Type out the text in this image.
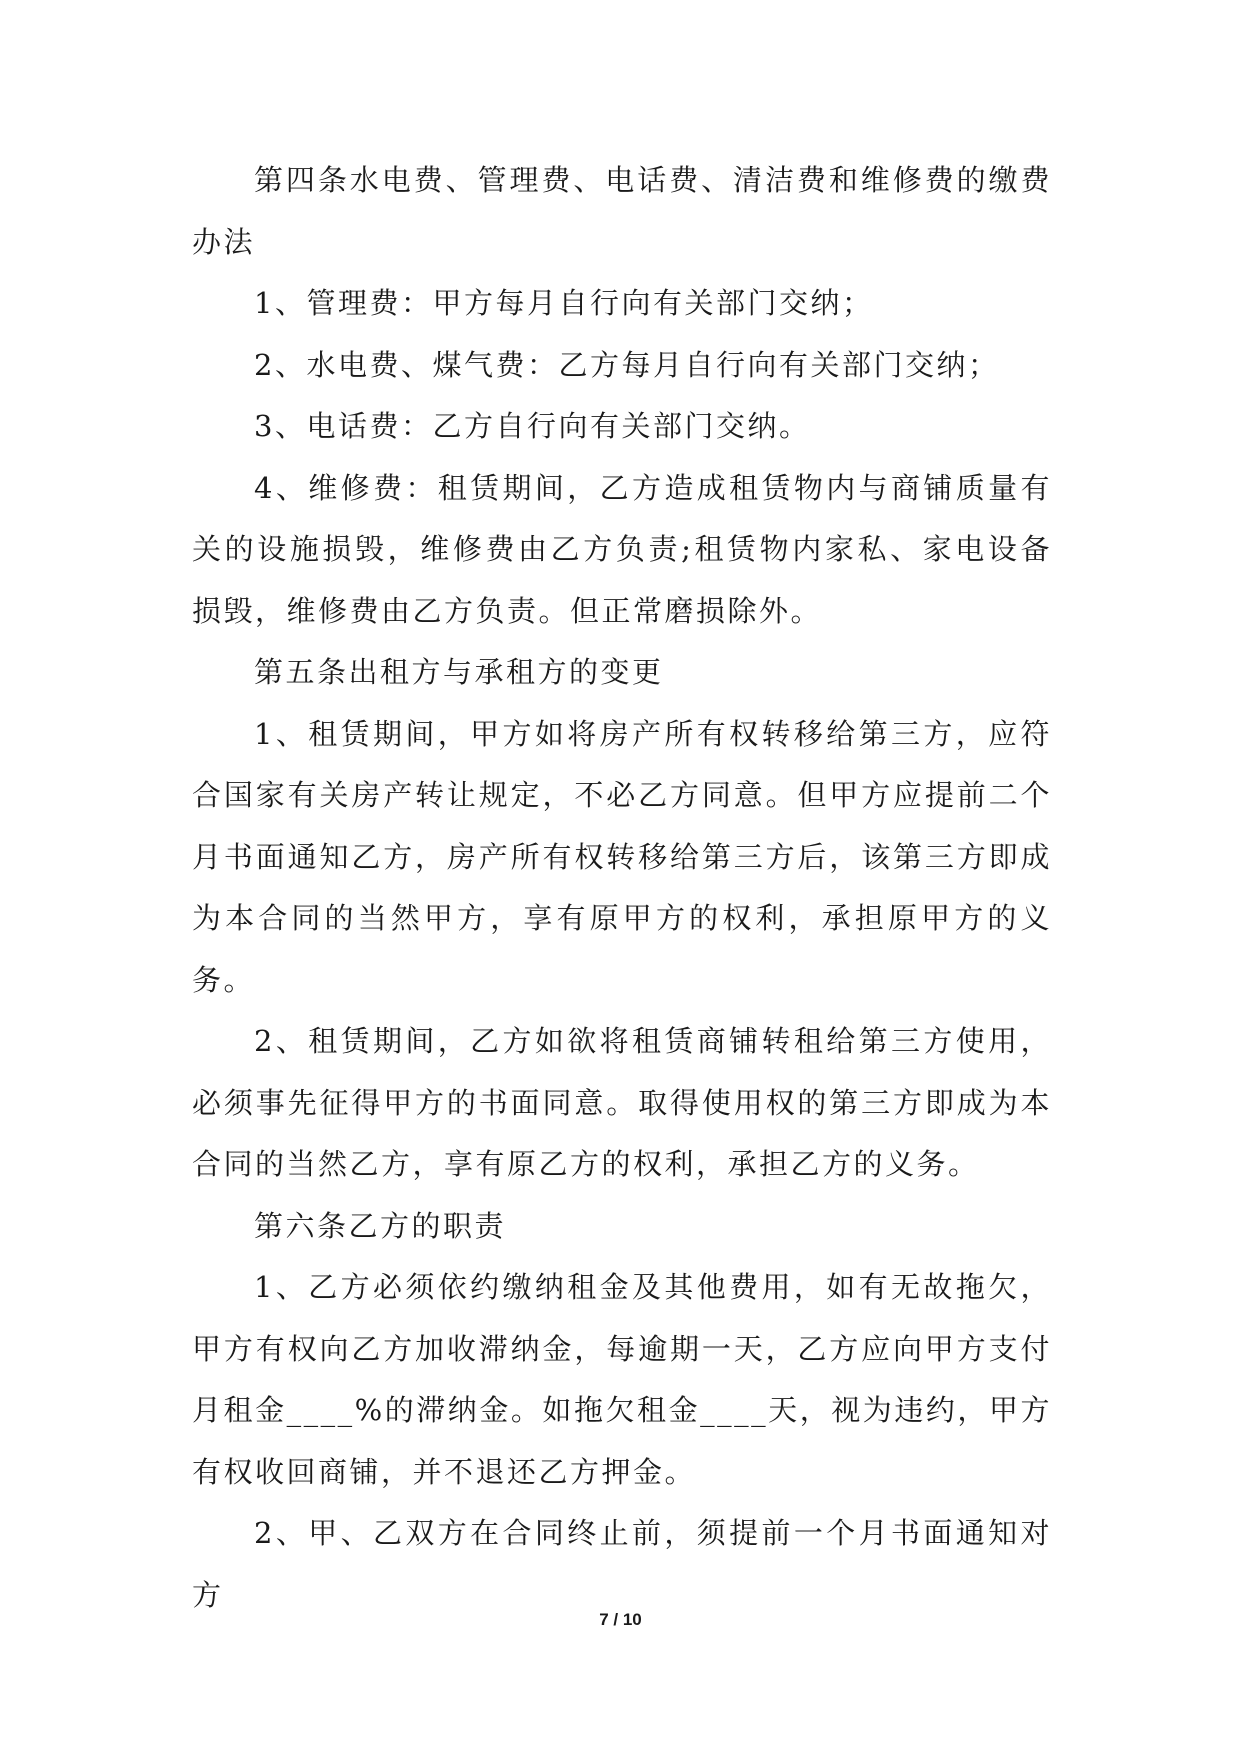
第四条水电费、管理费、电话费、清洁费和维修费的缴费办法

1、管理费：甲方每月自行向有关部门交纳；

2、水电费、煤气费：乙方每月自行向有关部门交纳；

3、电话费：乙方自行向有关部门交纳。

4、维修费：租赁期间，乙方造成租赁物内与商铺质量有关的设施损毁，维修费由乙方负责;租赁物内家私、家电设备损毁，维修费由乙方负责。但正常磨损除外。

第五条出租方与承租方的变更

1、租赁期间，甲方如将房产所有权转移给第三方，应符合国家有关房产转让规定，不必乙方同意。但甲方应提前二个月书面通知乙方，房产所有权转移给第三方后，该第三方即成为本合同的当然甲方，享有原甲方的权利，承担原甲方的义务。

2、租赁期间，乙方如欲将租赁商铺转租给第三方使用，必须事先征得甲方的书面同意。取得使用权的第三方即成为本合同的当然乙方，享有原乙方的权利，承担乙方的义务。

第六条乙方的职责

1、乙方必须依约缴纳租金及其他费用，如有无故拖欠，甲方有权向乙方加收滞纳金，每逾期一天，乙方应向甲方支付月租金____%的滞纳金。如拖欠租金____天，视为违约，甲方有权收回商铺，并不退还乙方押金。

2、甲、乙双方在合同终止前，须提前一个月书面通知对方

7 / 10
